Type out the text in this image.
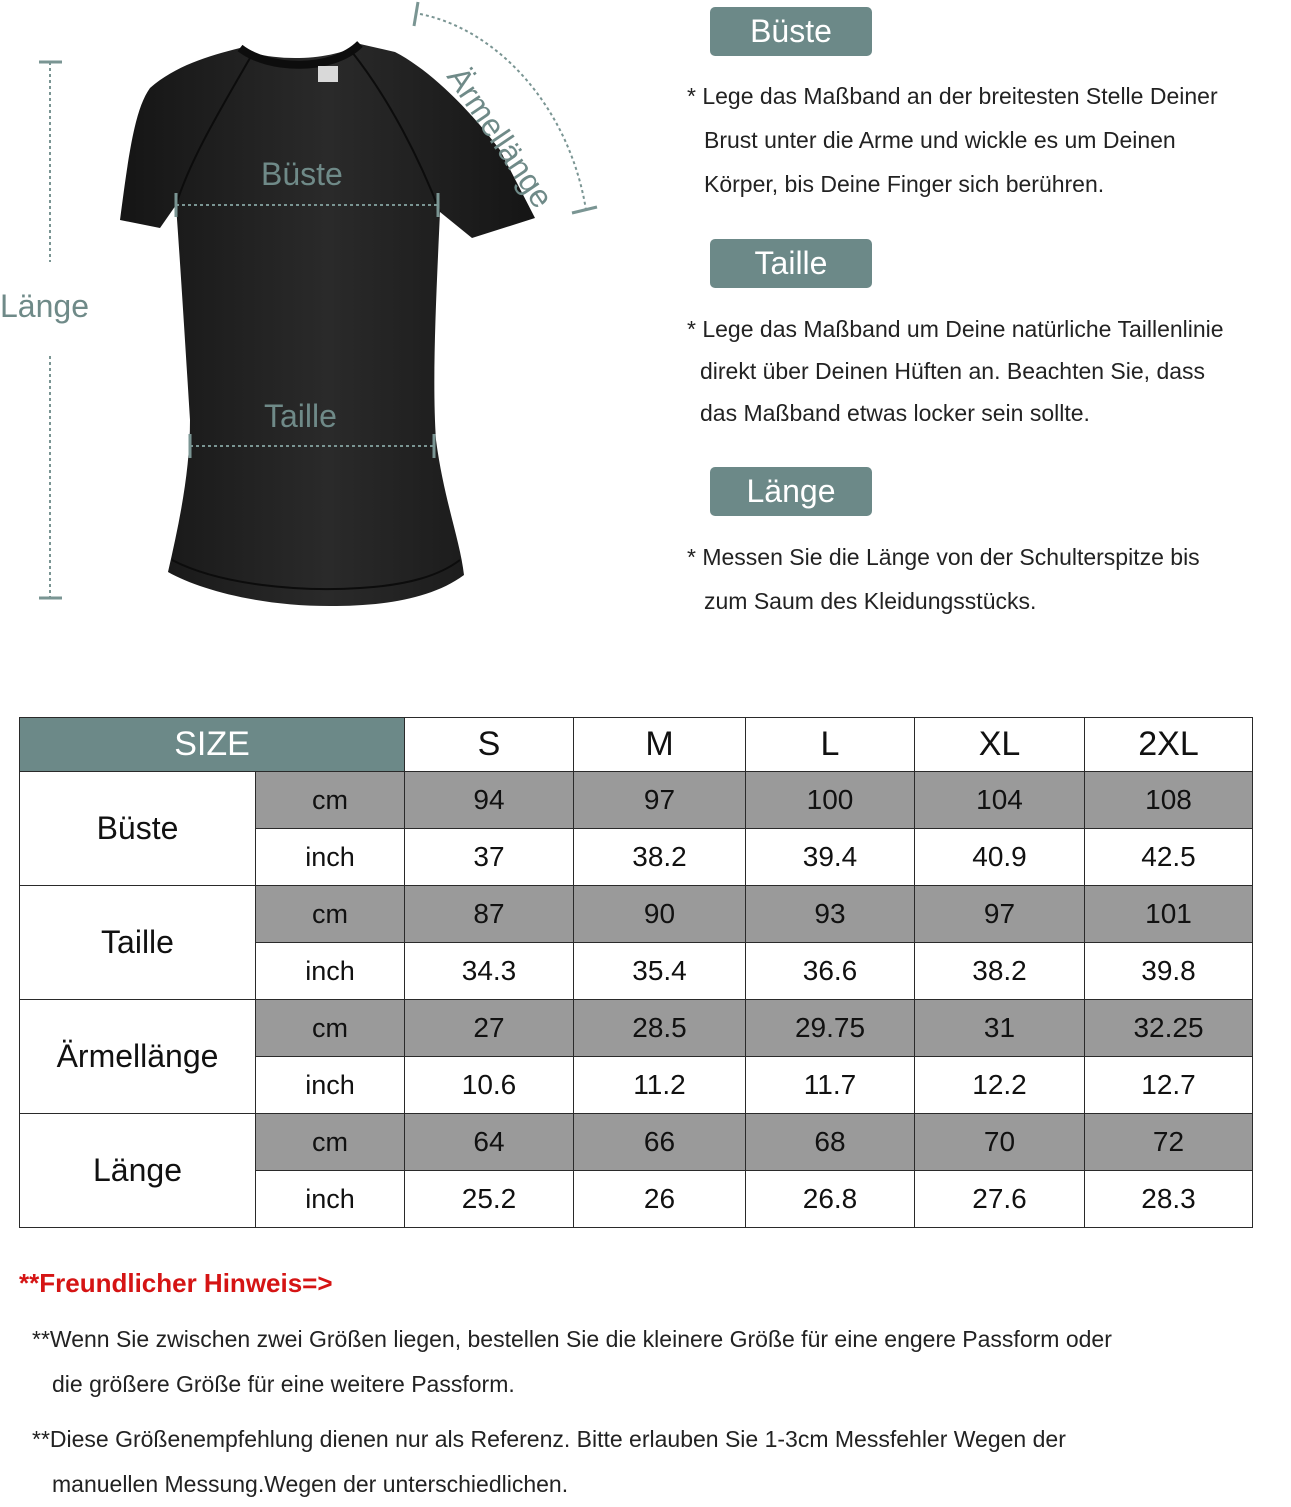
Büste
Taille
Länge
Ärmellänge
Büste

* Lege das Maßband an der breitesten Stelle Deiner
Brust unter die Arme und wickle es um Deinen
Körper, bis Deine Finger sich berühren.

Taille

* Lege das Maßband um Deine natürliche Taillenlinie
direkt über Deinen Hüften an. Beachten Sie, dass
das Maßband etwas locker sein sollte.

Länge

* Messen Sie die Länge von der Schulterspitze bis
zum Saum des Kleidungsstücks.

SIZE		S	M	L	XL	2XL
Büste	cm	94	97	100	104	108
	inch	37	38.2	39.4	40.9	42.5
Taille	cm	87	90	93	97	101
	inch	34.3	35.4	36.6	38.2	39.8
Ärmellänge	cm	27	28.5	29.75	31	32.25
	inch	10.6	11.2	11.7	12.2	12.7
Länge	cm	64	66	68	70	72
	inch	25.2	26	26.8	27.6	28.3

**Freundlicher Hinweis=>

**Wenn Sie zwischen zwei Größen liegen, bestellen Sie die kleinere Größe für eine engere Passform oder
die größere Größe für eine weitere Passform.

**Diese Größenempfehlung dienen nur als Referenz. Bitte erlauben Sie 1-3cm Messfehler Wegen der
manuellen Messung.Wegen der unterschiedlichen.
